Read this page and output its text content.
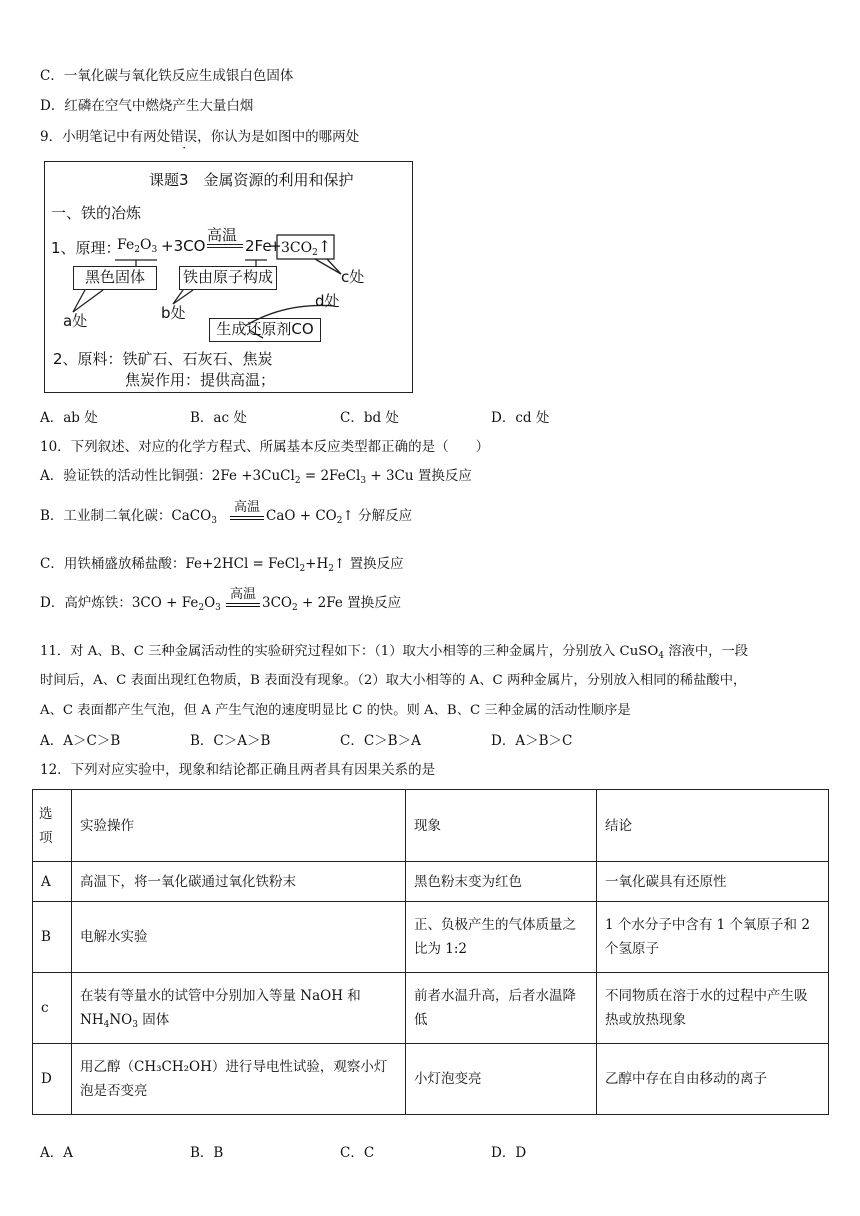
C．一氧化碳与氧化铁反应生成银白色固体
D．红磷在空气中燃烧产生大量白烟
9．小明笔记中有两处错误，你认为是如图中的哪两处
课题3　金属资源的利用和保护
一、铁的冶炼
1、原理：
$Fe_2O_3 +3CO$
高温
2Fe
+ $3CO_2↑$
黑色固体	铁由原子构成	c处
a处	b处
d处
生成还原剂CO
2、原料：铁矿石、石灰石、焦炭
焦炭作用：提供高温；
A．ab 处	B．ac 处	C．bd 处	D．cd 处
10．下列叙述、对应的化学方程式、所属基本反应类型都正确的是（　　）
A．验证铁的活动性比铜强：2Fe +3CuCl$_2$ = 2FeCl$_3$ + 3Cu 置换反应
B．工业制二氧化碳：CaCO$_3$
高温
CaO + $CO_2↑$ 分解反应
C．用铁桶盛放稀盐酸：$Fe+2HCl = FeCl_2+H_2↑$ 置换反应
D．高炉炼铁：$3CO + Fe_2O_3$
高温
$3CO_2 + 2Fe$ 置换反应
11．对 A、B、C 三种金属活动性的实验研究过程如下：（1）取大小相等的三种金属片，分别放入 CuSO$_4$ 溶液中，一段
时间后，A、C 表面出现红色物质，B 表面没有现象。（2）取大小相等的 A、C 两种金属片，分别放入相同的稀盐酸中，
A、C 表面都产生气泡，但 A 产生气泡的速度明显比 C 的快。则 A、B、C 三种金属的活动性顺序是
A．A＞C＞B	B．C＞A＞B	C．C＞B＞A	D．A＞B＞C
12．下列对应实验中，现象和结论都正确且两者具有因果关系的是
选项	实验操作	现象	结论
A	高温下，将一氧化碳通过氧化铁粉末	黑色粉末变为红色	一氧化碳具有还原性
B	电解水实验	正、负极产生的气体质量之比为 1:2	1 个水分子中含有 1 个氧原子和 2 个氢原子
c	在装有等量水的试管中分别加入等量 NaOH 和 $NH_4NO_3$ 固体	前者水温升高，后者水温降低	不同物质在溶于水的过程中产生吸热或放热现象
D	用乙醇（CH₃CH₂OH）进行导电性试验，观察小灯泡是否变亮	小灯泡变亮	乙醇中存在自由移动的离子
A．A	B．B	C．C	D．D
